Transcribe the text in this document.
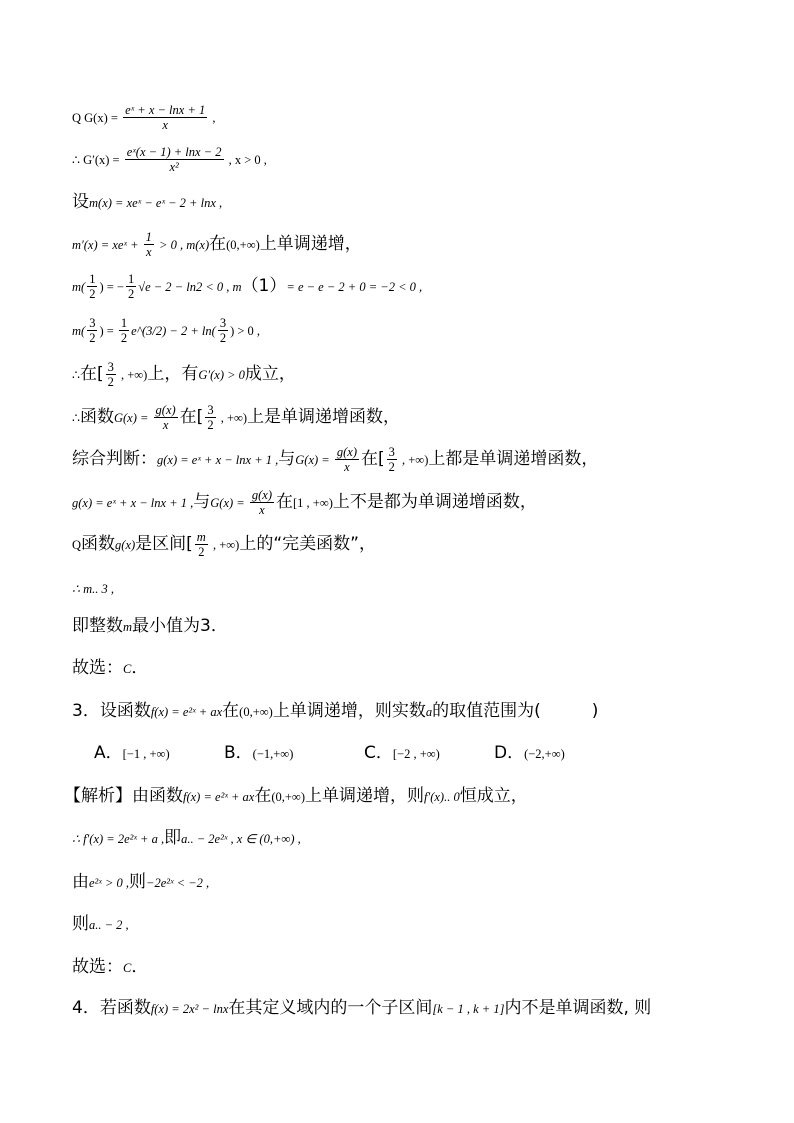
Q $G(x) = \frac{\text{eˣ + x − lnx + 1}}{x}$ ,
∴ $G'(x) = \frac{\text{eˣ(x − 1) + lnx − 2}}{\text{x²}}$ , x > 0 ,
设m(x) = xeˣ − eˣ − 2 + lnx ,
m′(x) = xeˣ + $\frac{1}{x} > 0$ , m(x)在(0,+∞)上单调递增，
$m( \frac{1}{2}$ ) = − $\frac{1}{2} √e - 2 - \ln 2 < 0$ , m（1）= e − e − 2 + 0 = −2 < 0 ,
$m( \frac{3}{2}$ ) = $\frac{1}{2}$ e^(3/2) − $2 + \ln( \frac{3}{2}$ ) > 0 ,
∴在[ $\frac{3}{2}$ , +∞)上，有G′(x) > 0成立，
∴函数$G(x) = \frac{g(x)}{x}$ 在[ $\frac{3}{2}$ , +∞)上是单调递增函数，
综合判断：g(x) = eˣ + x − lnx + 1 ,与$G(x) = \frac{g(x)}{x}$ 在[ $\frac{3}{2}$ , +∞)上都是单调递增函数，
g(x) = eˣ + x − lnx + 1 ,与$G(x) = \frac{g(x)}{x}$ 在[1 , +∞)上不是都为单调递增函数，
Q函数g(x)是区间[ $\frac{m}{2}$ , +∞)上的“完美函数”，
∴ m.. 3 ,
即整数m最小值为3．
故选：C．
3．设函数f(x) = e²ˣ + ax在(0,+∞)上单调递增，则实数a的取值范围为(　　　)
A．[−1 , +∞)	B．(−1,+∞)	C．[−2 , +∞)	D．(−2,+∞)
【解析】由函数f(x) = e²ˣ + ax在(0,+∞)上单调递增，则f′(x).. 0恒成立，
∴ f′(x) = 2e²ˣ + a ,即a.. − 2e²ˣ , x ∈ (0,+∞) ,
由e²ˣ > 0 ,则−2e²ˣ < −2 ,
则a.. − 2 ,
故选：C．
4．若函数f(x) = 2x² − lnx在其定义域内的一个子区间[k − 1 , k + 1]内不是单调函数, 则
